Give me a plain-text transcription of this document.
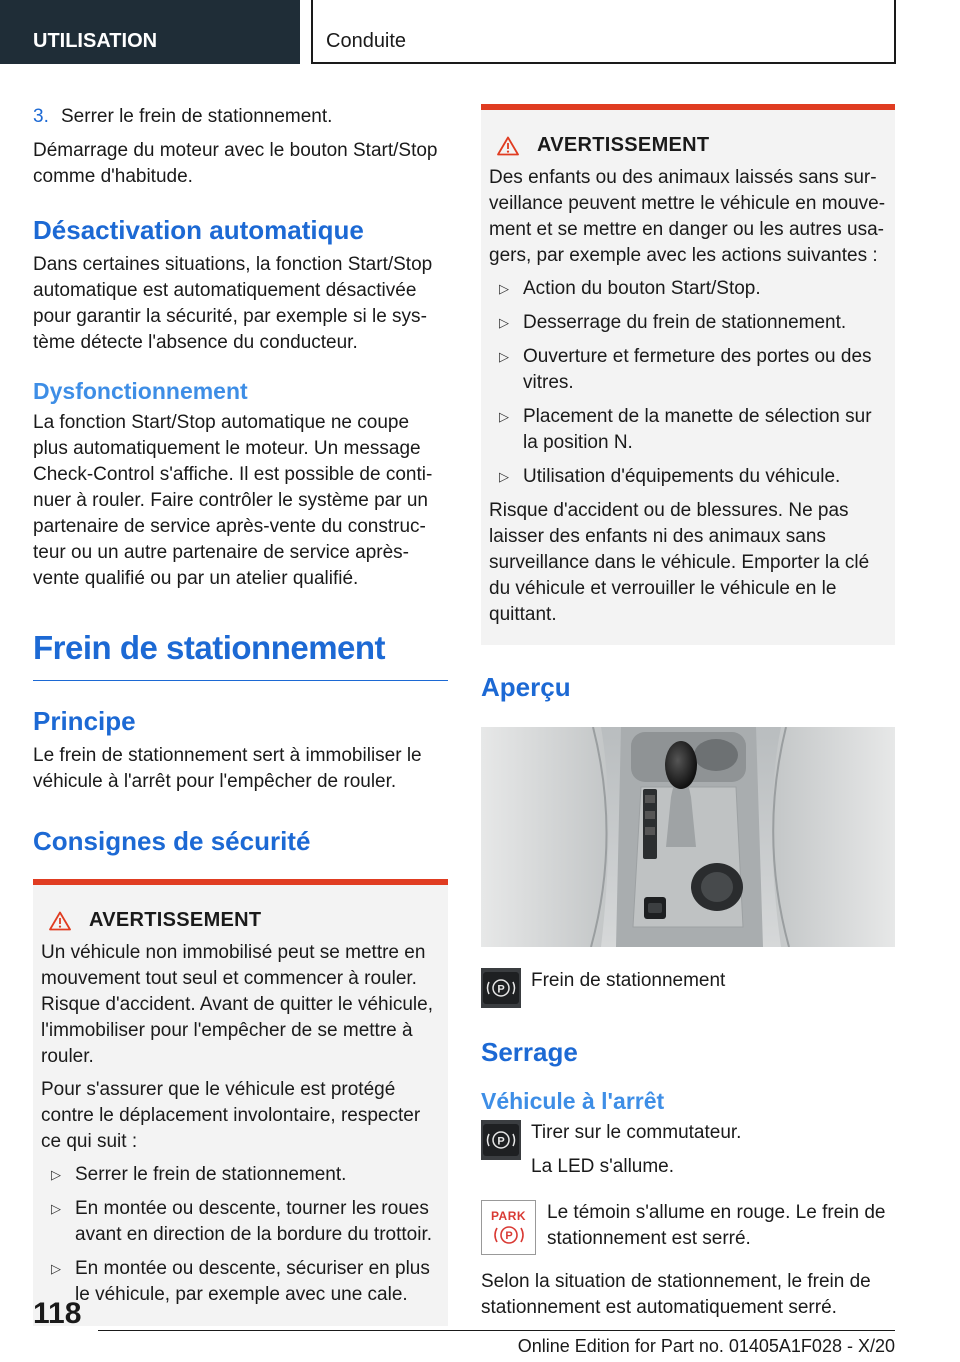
UTILISATION	Conduite

3. Serrer le frein de stationnement.

Démarrage du moteur avec le bouton Start/Stop comme d'habitude.

Désactivation automatique

Dans certaines situations, la fonction Start/Stop automatique est automatiquement désactivée pour garantir la sécurité, par exemple si le système détecte l'absence du conducteur.

Dysfonctionnement

La fonction Start/Stop automatique ne coupe plus automatiquement le moteur. Un message Check-Control s'affiche. Il est possible de continuer à rouler. Faire contrôler le système par un partenaire de service après-vente du constructeur ou un autre partenaire de service après-vente qualifié ou par un atelier qualifié.

Frein de stationnement
Principe

Le frein de stationnement sert à immobiliser le véhicule à l'arrêt pour l'empêcher de rouler.

Consignes de sécurité
AVERTISSEMENT

Un véhicule non immobilisé peut se mettre en mouvement tout seul et commencer à rouler. Risque d'accident. Avant de quitter le véhicule, l'immobiliser pour l'empêcher de se mettre à rouler.

Pour s'assurer que le véhicule est protégé contre le déplacement involontaire, respecter ce qui suit :

▷ Serrer le frein de stationnement.
▷ En montée ou descente, tourner les roues avant en direction de la bordure du trottoir.
▷ En montée ou descente, sécuriser en plus le véhicule, par exemple avec une cale.
AVERTISSEMENT

Des enfants ou des animaux laissés sans surveillance peuvent mettre le véhicule en mouvement et se mettre en danger ou les autres usagers, par exemple avec les actions suivantes :

▷ Action du bouton Start/Stop.
▷ Desserrage du frein de stationnement.
▷ Ouverture et fermeture des portes ou des vitres.
▷ Placement de la manette de sélection sur la position N.
▷ Utilisation d'équipements du véhicule.

Risque d'accident ou de blessures. Ne pas laisser des enfants ni des animaux sans surveillance dans le véhicule. Emporter la clé du véhicule et verrouiller le véhicule en le quittant.

Aperçu
P Frein de stationnement

Serrage
Véhicule à l'arrêt
P Tirer sur le commutateur.

La LED s'allume.

PARK
P

Le témoin s'allume en rouge. Le frein de stationnement est serré.

Selon la situation de stationnement, le frein de stationnement est automatiquement serré.

118
Online Edition for Part no. 01405A1F028 - X/20
